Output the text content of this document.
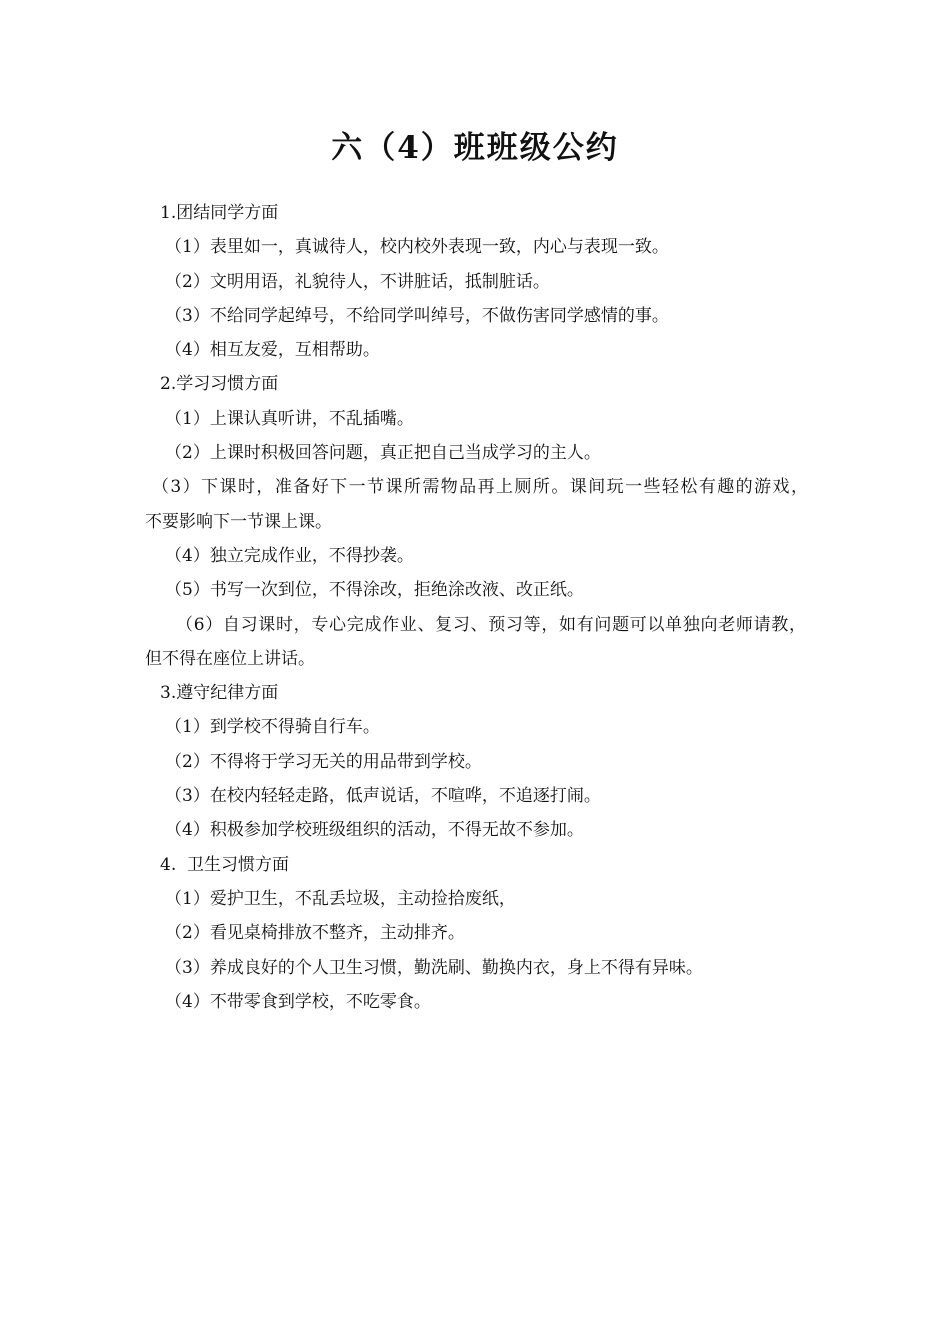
六（4）班班级公约

1.团结同学方面

（1）表里如一，真诚待人，校内校外表现一致，内心与表现一致。

（2）文明用语，礼貌待人，不讲脏话，抵制脏话。

（3）不给同学起绰号，不给同学叫绰号，不做伤害同学感情的事。

（4）相互友爱，互相帮助。

2.学习习惯方面

（1）上课认真听讲，不乱插嘴。

（2）上课时积极回答问题，真正把自己当成学习的主人。

（3）下课时，准备好下一节课所需物品再上厕所。课间玩一些轻松有趣的游戏，

不要影响下一节课上课。

（4）独立完成作业，不得抄袭。

（5）书写一次到位，不得涂改，拒绝涂改液、改正纸。

（6）自习课时，专心完成作业、复习、预习等，如有问题可以单独向老师请教，

但不得在座位上讲话。

3.遵守纪律方面

（1）到学校不得骑自行车。

（2）不得将于学习无关的用品带到学校。

（3）在校内轻轻走路，低声说话，不喧哗，不追逐打闹。

（4）积极参加学校班级组织的活动，不得无故不参加。

4.  卫生习惯方面

（1）爱护卫生，不乱丢垃圾，主动捡拾废纸，

（2）看见桌椅排放不整齐，主动排齐。

（3）养成良好的个人卫生习惯，勤洗刷、勤换内衣，身上不得有异味。

（4）不带零食到学校，不吃零食。
